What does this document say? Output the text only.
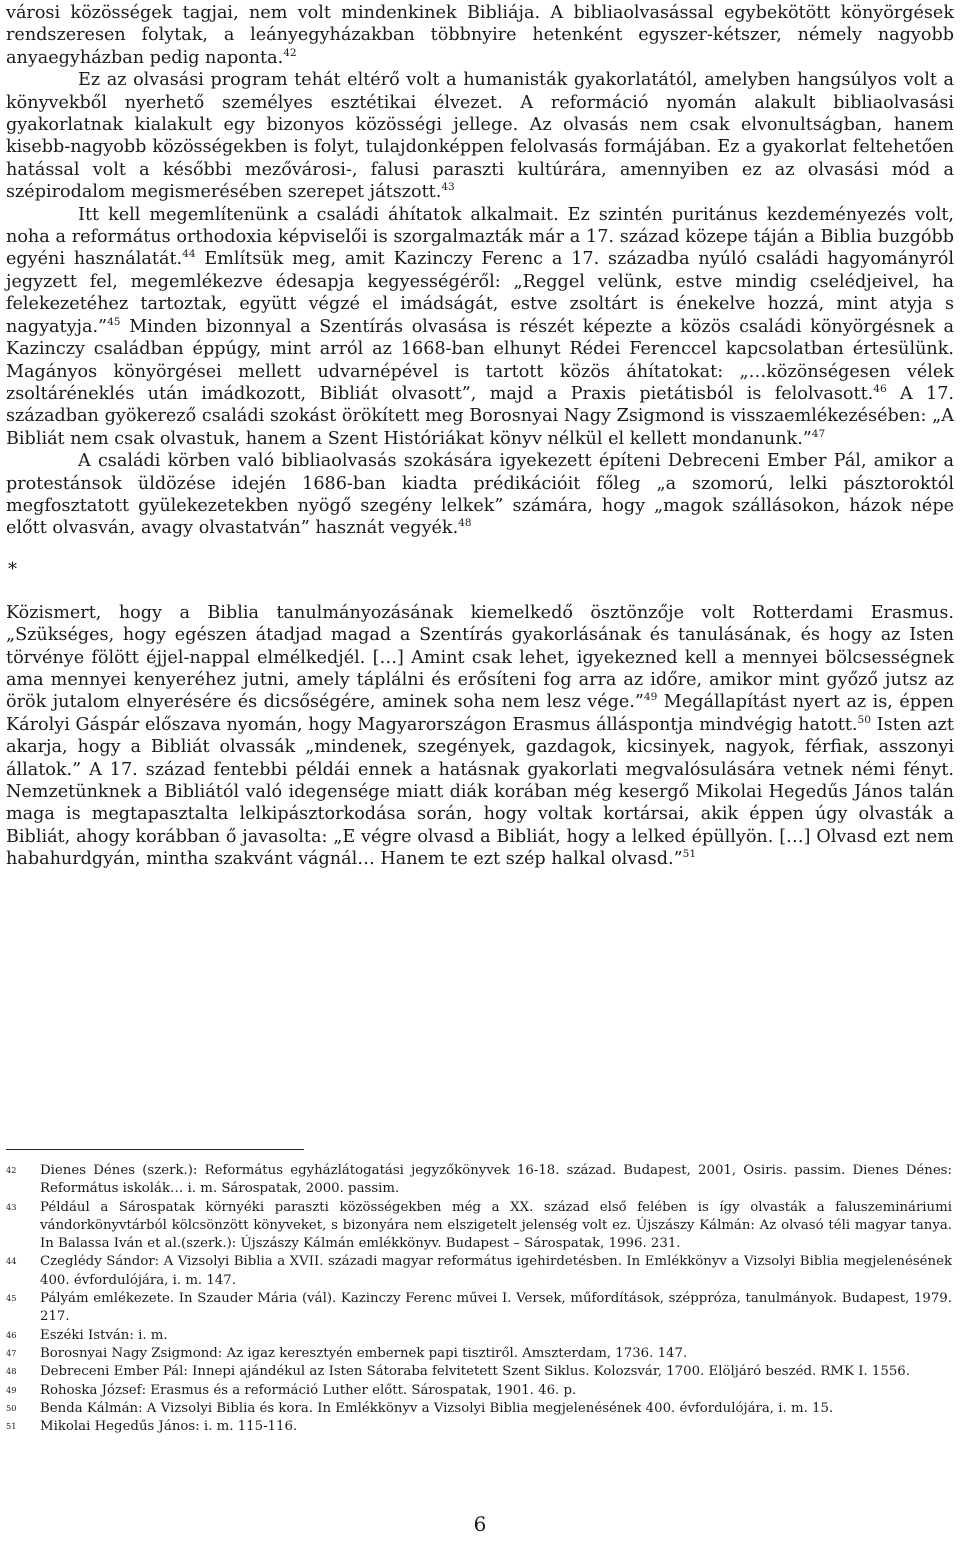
városi közösségek tagjai, nem volt mindenkinek Bibliája. A bibliaolvasással egybekötött könyörgések rendszeresen folytak, a leányegyházakban többnyire hetenként egyszer-kétszer, némely nagyobb anyaegyházban pedig naponta.$^{42}$

Ez az olvasási program tehát eltérő volt a humanisták gyakorlatától, amelyben hangsúlyos volt a könyvekből nyerhető személyes esztétikai élvezet. A reformáció nyomán alakult bibliaolvasási gyakorlatnak kialakult egy bizonyos közösségi jellege. Az olvasás nem csak elvonultságban, hanem kisebb-nagyobb közösségekben is folyt, tulajdonképpen felolvasás formájában. Ez a gyakorlat feltehetően hatással volt a későbbi mezővárosi-, falusi paraszti kultúrára, amennyiben ez az olvasási mód a szépirodalom megismerésében szerepet játszott.$^{43}$

Itt kell megemlítenünk a családi áhítatok alkalmait. Ez szintén puritánus kezdeményezés volt, noha a református orthodoxia képviselői is szorgalmazták már a 17. század közepe táján a Biblia buzgóbb egyéni használatát.$^{44}$ Említsük meg, amit Kazinczy Ferenc a 17. századba nyúló családi hagyományról jegyzett fel, megemlékezve édesapja kegyességéről: „Reggel velünk, estve mindig cselédjeivel, ha felekezetéhez tartoztak, együtt végzé el imádságát, estve zsoltárt is énekelve hozzá, mint atyja s nagyatyja.”$^{45}$ Minden bizonnyal a Szentírás olvasása is részét képezte a közös családi könyörgésnek a Kazinczy családban éppúgy, mint arról az 1668-ban elhunyt Rédei Ferenccel kapcsolatban értesülünk. Magányos könyörgései mellett udvarnépével is tartott közös áhítatokat: „…közönségesen vélek zsoltáréneklés után imádkozott, Bibliát olvasott”, majd a Praxis pietátisból is felolvasott.$^{46}$ A 17. században gyökerező családi szokást örökített meg Borosnyai Nagy Zsigmond is visszaemlékezésében: „A Bibliát nem csak olvastuk, hanem a Szent Históriákat könyv nélkül el kellett mondanunk.”$^{47}$

A családi körben való bibliaolvasás szokására igyekezett építeni Debreceni Ember Pál, amikor a protestánsok üldözése idején 1686-ban kiadta prédikációit főleg „a szomorú, lelki pásztoroktól megfosztatott gyülekezetekben nyögő szegény lelkek” számára, hogy „magok szállásokon, házok népe előtt olvasván, avagy olvastatván” hasznát vegyék.$^{48}$

*

Közismert, hogy a Biblia tanulmányozásának kiemelkedő ösztönzője volt Rotterdami Erasmus. „Szükséges, hogy egészen átadjad magad a Szentírás gyakorlásának és tanulásának, és hogy az Isten törvénye fölött éjjel-nappal elmélkedjél. […] Amint csak lehet, igyekezned kell a mennyei bölcsességnek ama mennyei kenyeréhez jutni, amely táplálni és erősíteni fog arra az időre, amikor mint győző jutsz az örök jutalom elnyerésére és dicsőségére, aminek soha nem lesz vége.”$^{49}$ Megállapítást nyert az is, éppen Károlyi Gáspár előszava nyomán, hogy Magyarországon Erasmus álláspontja mindvégig hatott.$^{50}$ Isten azt akarja, hogy a Bibliát olvassák „mindenek, szegények, gazdagok, kicsinyek, nagyok, férfiak, asszonyi állatok.” A 17. század fentebbi példái ennek a hatásnak gyakorlati megvalósulására vetnek némi fényt. Nemzetünknek a Bibliától való idegensége miatt diák korában még kesergő Mikolai Hegedűs János talán maga is megtapasztalta lelkipásztorkodása során, hogy voltak kortársai, akik éppen úgy olvasták a Bibliát, ahogy korábban ő javasolta: „E végre olvasd a Bibliát, hogy a lelked épüllyön. […] Olvasd ezt nem habahurdgyán, mintha szakvánt vágnál… Hanem te ezt szép halkal olvasd.”$^{51}$

42 Dienes Dénes (szerk.): Református egyházlátogatási jegyzőkönyvek 16-18. század. Budapest, 2001, Osiris. passim. Dienes Dénes: Református iskolák… i. m. Sárospatak, 2000. passim.
43 Például a Sárospatak környéki paraszti közösségekben még a XX. század első felében is így olvasták a faluszemináriumi vándorkönyvtárból kölcsönzött könyveket, s bizonyára nem elszigetelt jelenség volt ez. Újszászy Kálmán: Az olvasó téli magyar tanya. In Balassa Iván et al.(szerk.): Újszászy Kálmán emlékkönyv. Budapest – Sárospatak, 1996. 231.
44 Czeglédy Sándor: A Vizsolyi Biblia a XVII. századi magyar református igehirdetésben. In Emlékkönyv a Vizsolyi Biblia megjelenésének 400. évfordulójára, i. m. 147.
45 Pályám emlékezete. In Szauder Mária (vál). Kazinczy Ferenc művei I. Versek, műfordítások, széppróza, tanulmányok. Budapest, 1979. 217.
46 Eszéki István: i. m.
47 Borosnyai Nagy Zsigmond: Az igaz keresztyén embernek papi tisztiről. Amszterdam, 1736. 147.
48 Debreceni Ember Pál: Innepi ajándékul az Isten Sátoraba felvitetett Szent Siklus. Kolozsvár, 1700. Elöljáró beszéd. RMK I. 1556.
49 Rohoska József: Erasmus és a reformáció Luther előtt. Sárospatak, 1901. 46. p.
50 Benda Kálmán: A Vizsolyi Biblia és kora. In Emlékkönyv a Vizsolyi Biblia megjelenésének 400. évfordulójára, i. m. 15.
51 Mikolai Hegedűs János: i. m. 115-116.
6
